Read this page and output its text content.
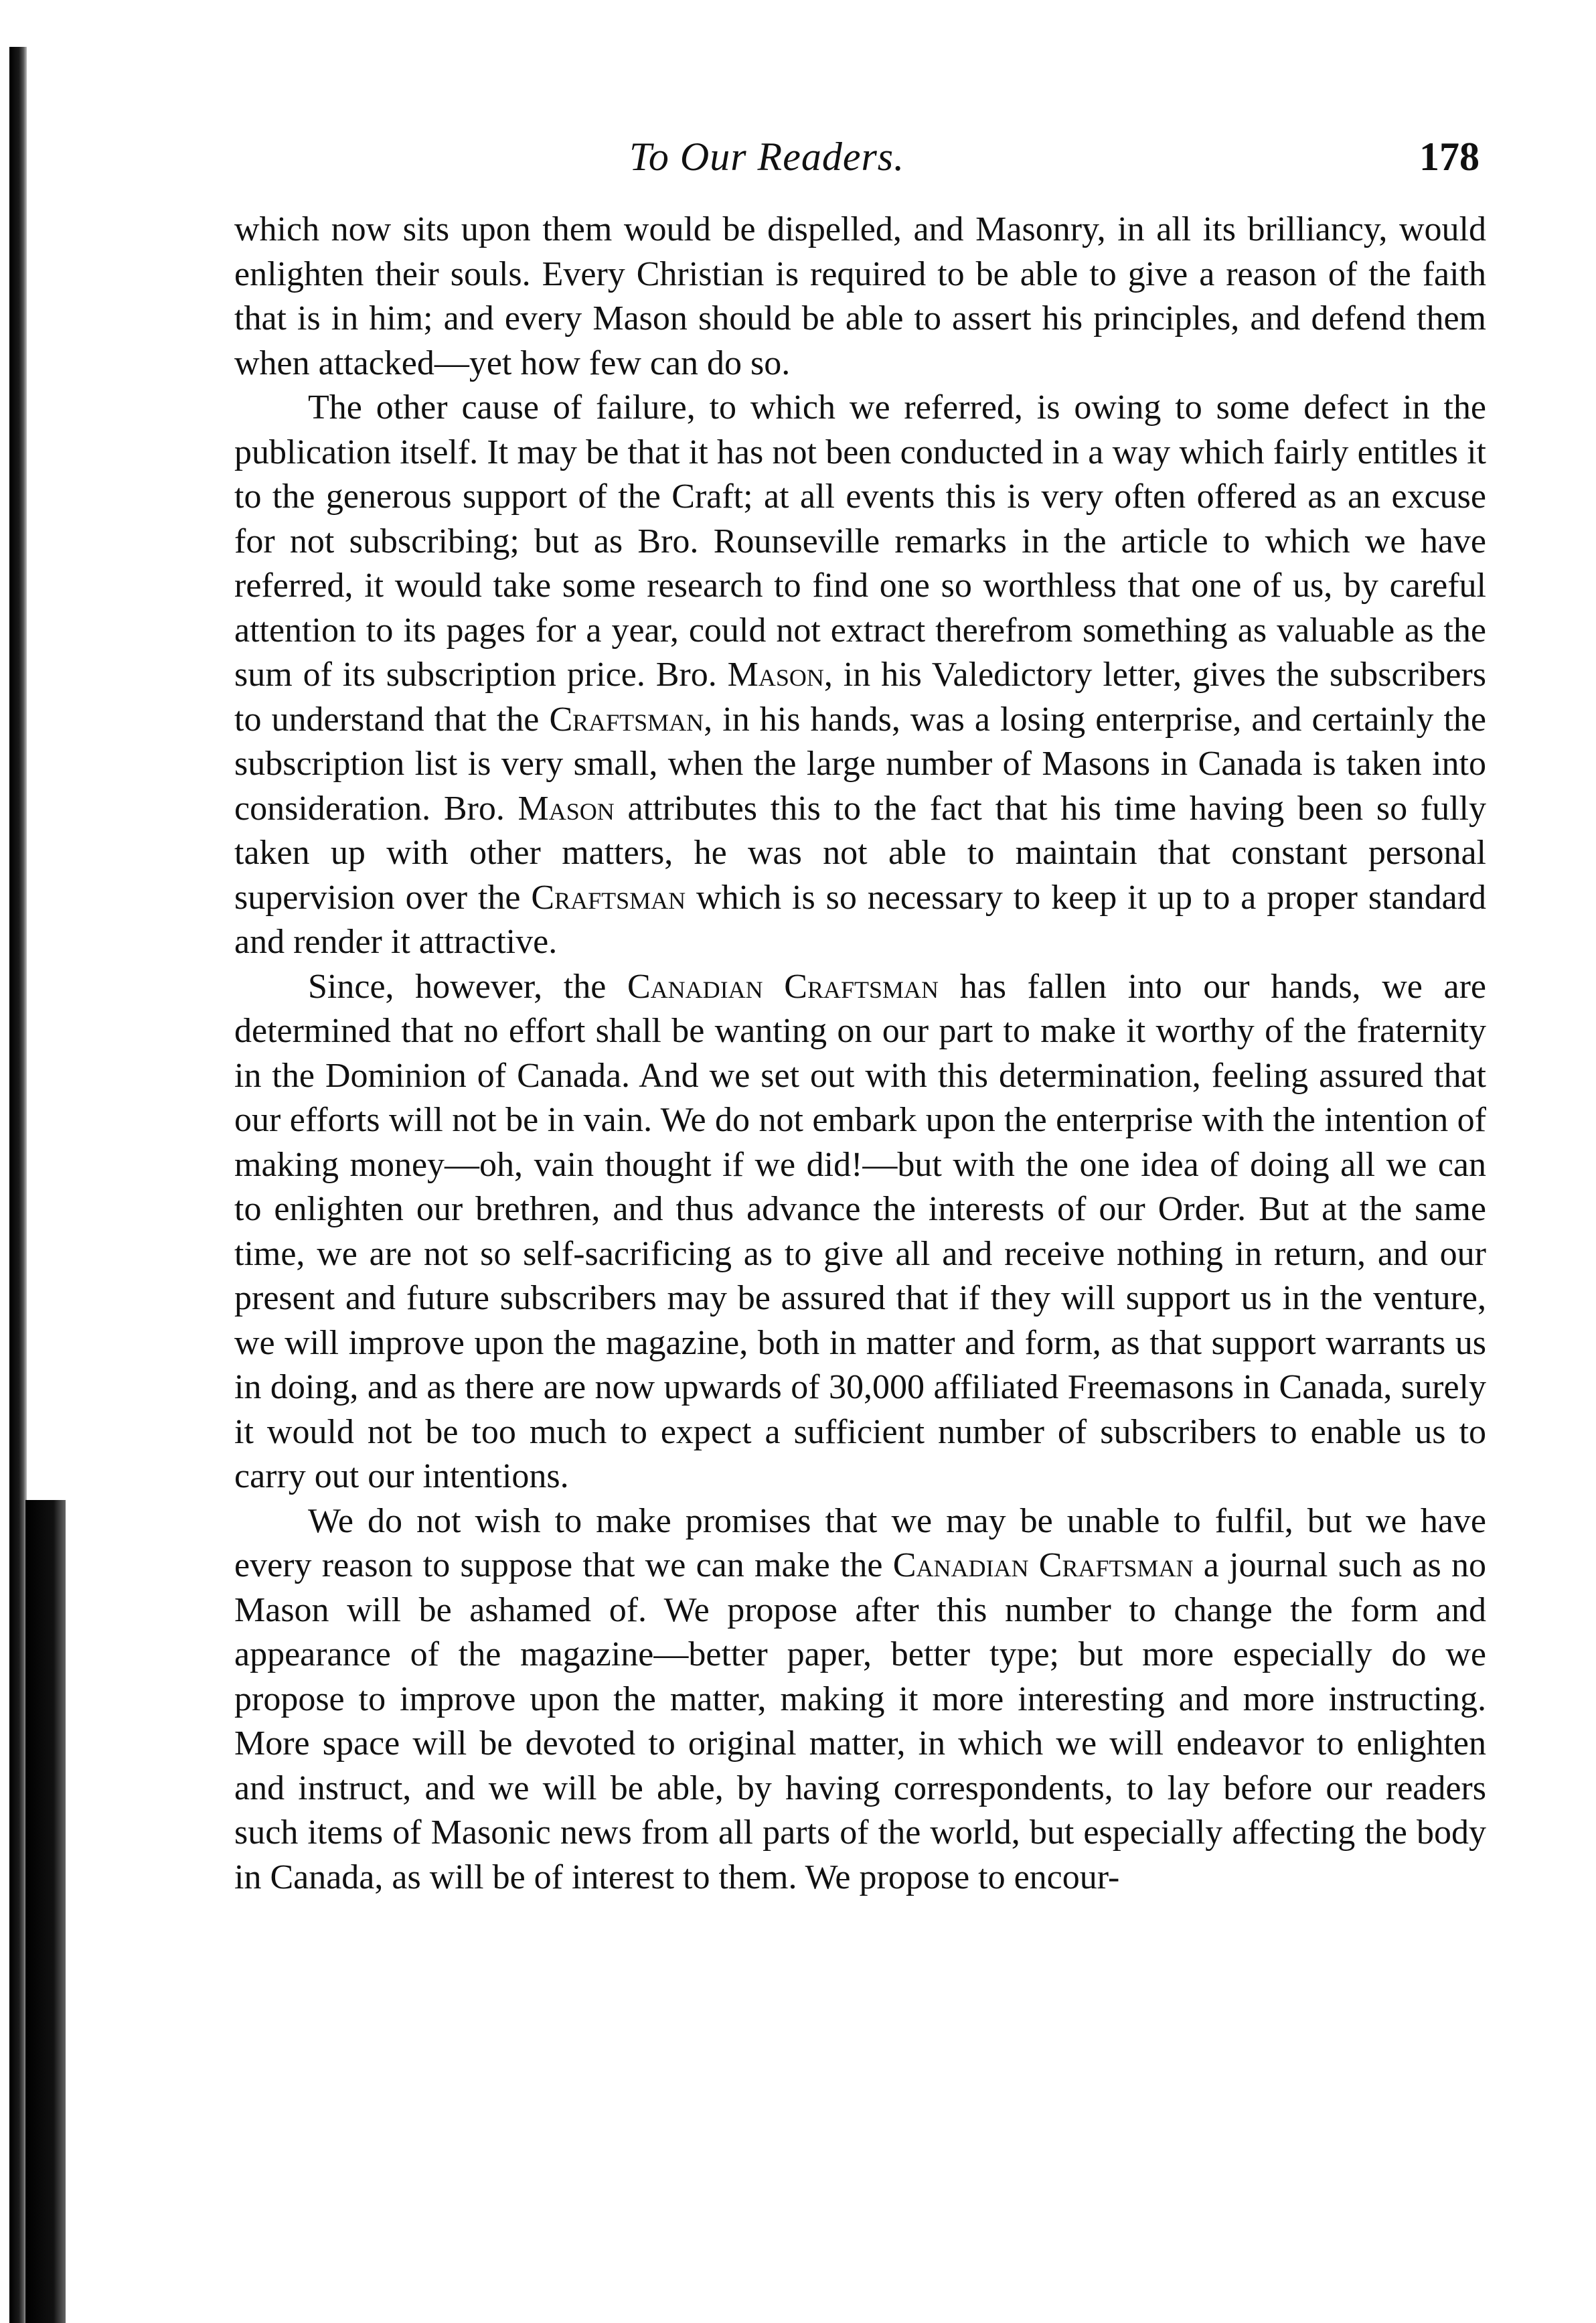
To Our Readers.	178

which now sits upon them would be dispelled, and Masonry, in all its brilliancy, would enlighten their souls. Every Christian is required to be able to give a reason of the faith that is in him; and every Mason should be able to assert his principles, and defend them when attacked—yet how few can do so.

The other cause of failure, to which we referred, is owing to some defect in the publication itself. It may be that it has not been conducted in a way which fairly entitles it to the generous support of the Craft; at all events this is very often offered as an excuse for not subscribing; but as Bro. Rounseville remarks in the article to which we have referred, it would take some research to find one so worthless that one of us, by careful attention to its pages for a year, could not extract therefrom something as valuable as the sum of its subscription price. Bro. Mason, in his Valedictory letter, gives the subscribers to understand that the Craftsman, in his hands, was a losing enterprise, and certainly the subscription list is very small, when the large number of Masons in Canada is taken into consideration. Bro. Mason attributes this to the fact that his time having been so fully taken up with other matters, he was not able to maintain that constant personal supervision over the Craftsman which is so necessary to keep it up to a proper standard and render it attractive.

Since, however, the Canadian Craftsman has fallen into our hands, we are determined that no effort shall be wanting on our part to make it worthy of the fraternity in the Dominion of Canada. And we set out with this determination, feeling assured that our efforts will not be in vain. We do not embark upon the enterprise with the intention of making money—oh, vain thought if we did!—but with the one idea of doing all we can to enlighten our brethren, and thus advance the interests of our Order. But at the same time, we are not so self-sacrificing as to give all and receive nothing in return, and our present and future subscribers may be assured that if they will support us in the venture, we will improve upon the magazine, both in matter and form, as that support warrants us in doing, and as there are now upwards of 30,000 affiliated Freemasons in Canada, surely it would not be too much to expect a sufficient number of subscribers to enable us to carry out our intentions.

We do not wish to make promises that we may be unable to fulfil, but we have every reason to suppose that we can make the Canadian Craftsman a journal such as no Mason will be ashamed of. We propose after this number to change the form and appearance of the magazine—better paper, better type; but more especially do we propose to improve upon the matter, making it more interesting and more instructing. More space will be devoted to original matter, in which we will endeavor to enlighten and instruct, and we will be able, by having correspondents, to lay before our readers such items of Masonic news from all parts of the world, but especially affecting the body in Canada, as will be of interest to them. We propose to encour-
